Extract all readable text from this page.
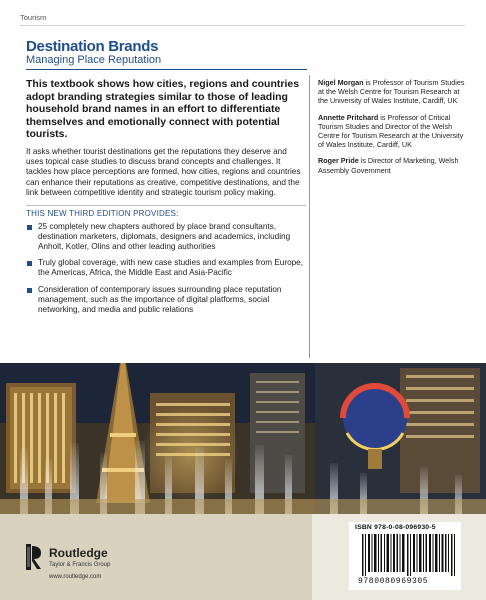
Tourism
Destination Brands
Managing Place Reputation

This textbook shows how cities, regions and countries adopt branding strategies similar to those of leading household brand names in an effort to differentiate themselves and emotionally connect with potential tourists.

It asks whether tourist destinations get the reputations they deserve and uses topical case studies to discuss brand concepts and challenges. It tackles how place perceptions are formed, how cities, regions and countries can enhance their reputations as creative, competitive destinations, and the link between competitive identity and strategic tourism policy making.

THIS NEW THIRD EDITION PROVIDES:

25 completely new chapters authored by place brand consultants, destination marketers, diplomats, designers and academics, including Anholt, Kotler, Olins and other leading authorities
Truly global coverage, with new case studies and examples from Europe, the Americas, Africa, the Middle East and Asia-Pacific
Consideration of contemporary issues surrounding place reputation management, such as the importance of digital platforms, social networking, and media and public relations

Nigel Morgan is Professor of Tourism Studies at the Welsh Centre for Tourism Research at the University of Wales Institute, Cardiff, UK

Annette Pritchard is Professor of Critical Tourism Studies and Director of the Welsh Centre for Tourism Research at the University of Wales Institute, Cardiff, UK

Roger Pride is Director of Marketing, Welsh Assembly Government

Routledge
Taylor & Francis Group
www.routledge.com
ISBN 978-0-08-096930-5
9780080969305
